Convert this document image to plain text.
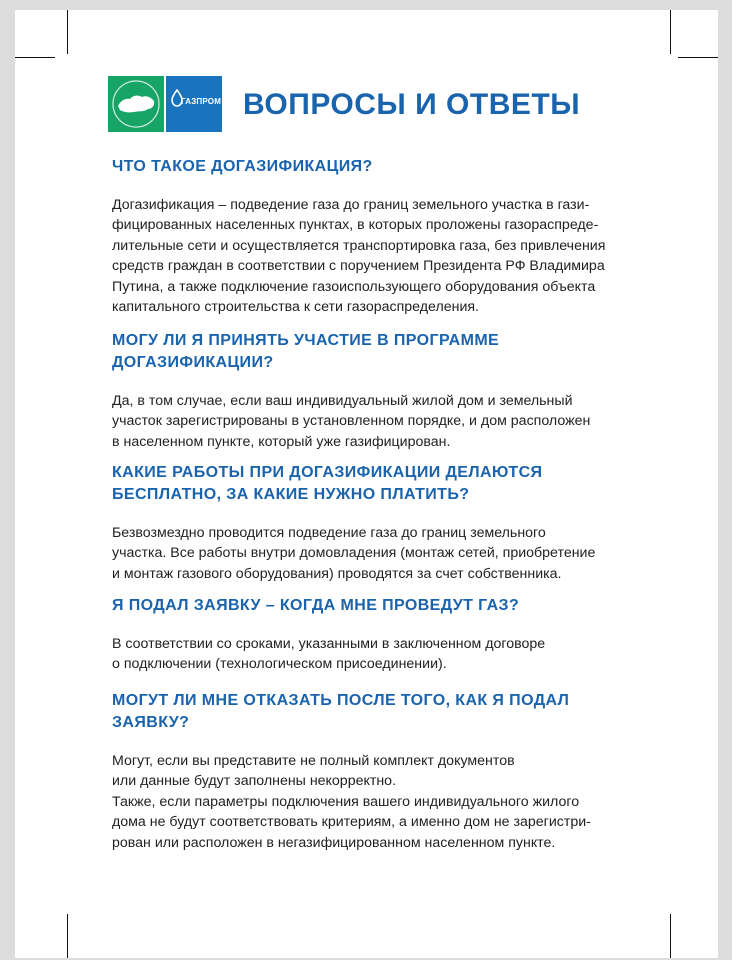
ГАЗПРОМ ВОПРОСЫ И ОТВЕТЫ
ЧТО ТАКОЕ ДОГАЗИФИКАЦИЯ?

Догазификация – подведение газа до границ земельного участка в гази-
фицированных населенных пунктах, в которых проложены газораспреде-
лительные сети и осуществляется транспортировка газа, без привлечения
средств граждан в соответствии с поручением Президента РФ Владимира
Путина, а также подключение газоиспользующего оборудования объекта
капитального строительства к сети газораспределения.

МОГУ ЛИ Я ПРИНЯТЬ УЧАСТИЕ В ПРОГРАММЕ
ДОГАЗИФИКАЦИИ?

Да, в том случае, если ваш индивидуальный жилой дом и земельный
участок зарегистрированы в установленном порядке, и дом расположен
в населенном пункте, который уже газифицирован.

КАКИЕ РАБОТЫ ПРИ ДОГАЗИФИКАЦИИ ДЕЛАЮТСЯ
БЕСПЛАТНО, ЗА КАКИЕ НУЖНО ПЛАТИТЬ?

Безвозмездно проводится подведение газа до границ земельного
участка. Все работы внутри домовладения (монтаж сетей, приобретение
и монтаж газового оборудования) проводятся за счет собственника.

Я ПОДАЛ ЗАЯВКУ – КОГДА МНЕ ПРОВЕДУТ ГАЗ?

В соответствии со сроками, указанными в заключенном договоре
о подключении (технологическом присоединении).

МОГУТ ЛИ МНЕ ОТКАЗАТЬ ПОСЛЕ ТОГО, КАК Я ПОДАЛ
ЗАЯВКУ?

Могут, если вы представите не полный комплект документов
или данные будут заполнены некорректно.
Также, если параметры подключения вашего индивидуального жилого
дома не будут соответствовать критериям, а именно дом не зарегистри-
рован или расположен в негазифицированном населенном пункте.
